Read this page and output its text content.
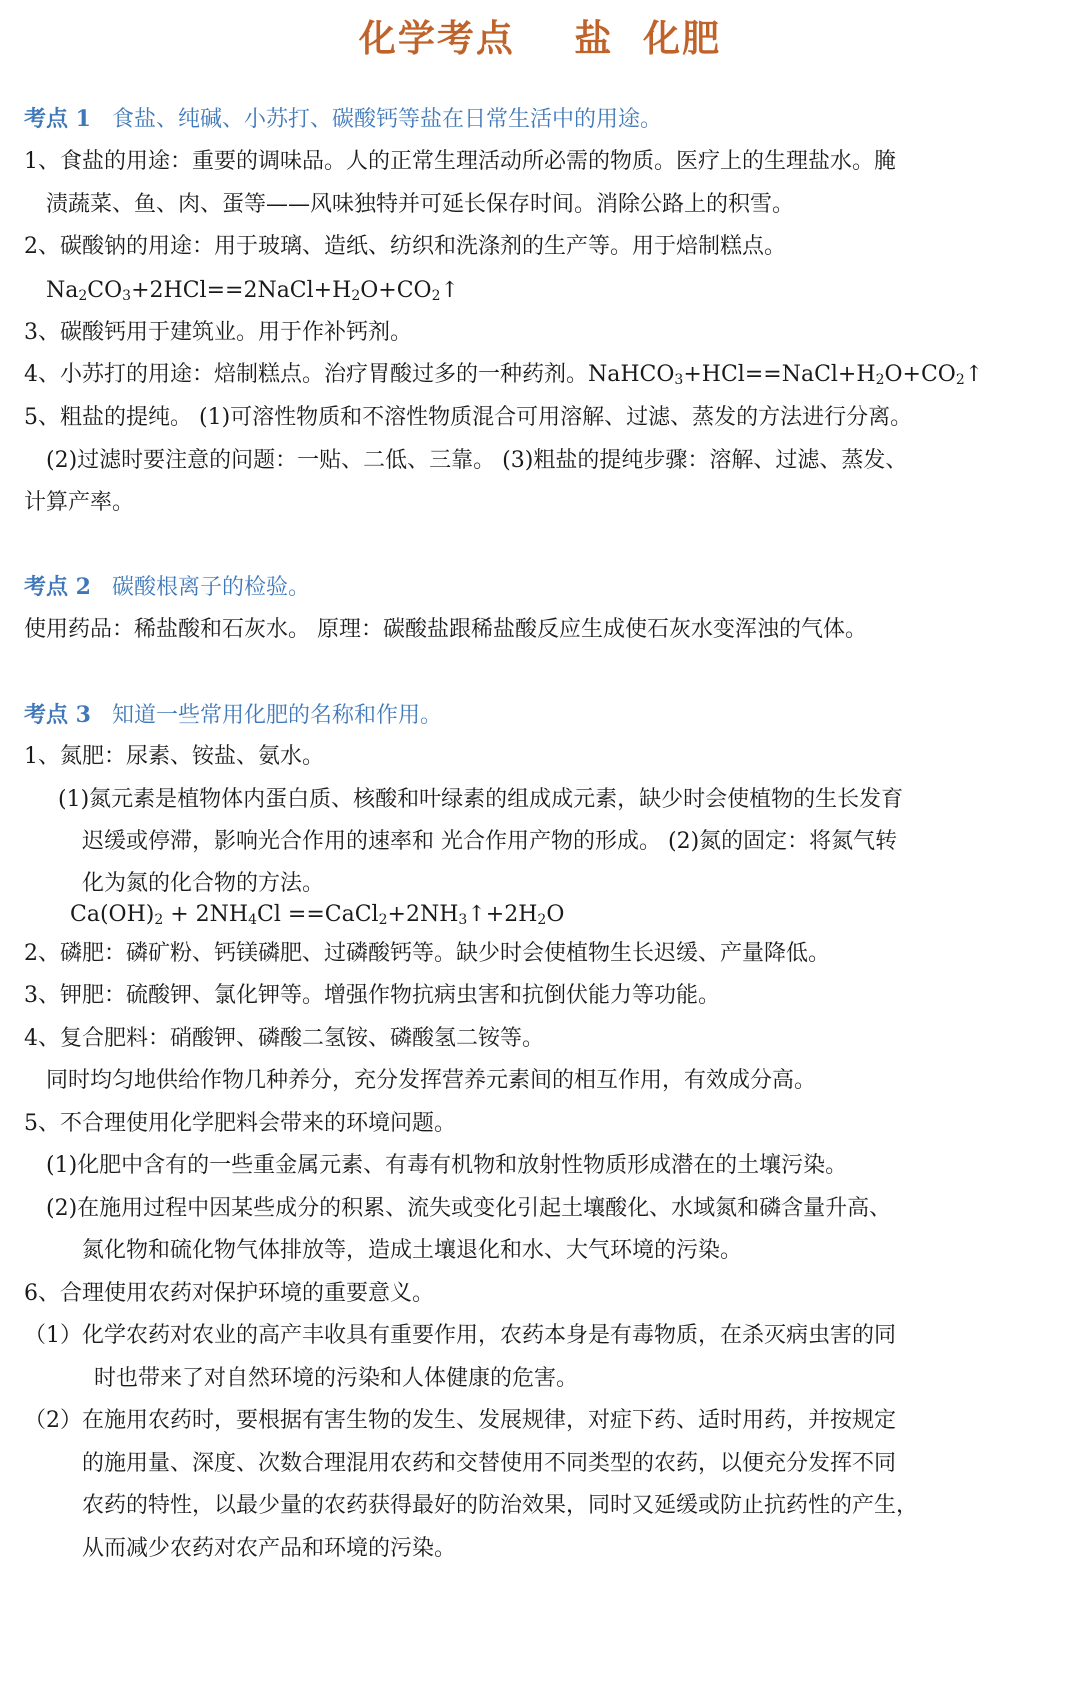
化学考点    盐  化肥
考点 1 食盐、纯碱、小苏打、碳酸钙等盐在日常生活中的用途。
1、食盐的用途：重要的调味品。人的正常生理活动所必需的物质。医疗上的生理盐水。腌
渍蔬菜、鱼、肉、蛋等——风味独特并可延长保存时间。消除公路上的积雪。
2、碳酸钠的用途：用于玻璃、造纸、纺织和洗涤剂的生产等。用于焙制糕点。
$Na_2CO_3+2HCl==2NaCl+H_2O+CO_2↑$
3、碳酸钙用于建筑业。用于作补钙剂。
4、小苏打的用途：焙制糕点。治疗胃酸过多的一种药剂。$NaHCO_3+HCl==NaCl+H_2O+CO_2↑$
5、粗盐的提纯。 (1)可溶性物质和不溶性物质混合可用溶解、过滤、蒸发的方法进行分离。
(2)过滤时要注意的问题：一贴、二低、三靠。 (3)粗盐的提纯步骤：溶解、过滤、蒸发、
计算产率。
考点 2 碳酸根离子的检验。
使用药品：稀盐酸和石灰水。 原理：碳酸盐跟稀盐酸反应生成使石灰水变浑浊的气体。
考点 3 知道一些常用化肥的名称和作用。
1、氮肥：尿素、铵盐、氨水。
(1)氮元素是植物体内蛋白质、核酸和叶绿素的组成成元素，缺少时会使植物的生长发育
迟缓或停滞，影响光合作用的速率和 光合作用产物的形成。 (2)氮的固定：将氮气转
化为氮的化合物的方法。
$Ca(OH)_2 + 2NH_4Cl$ $==CaCl_2+2NH_3↑+2H_2O$
2、磷肥：磷矿粉、钙镁磷肥、过磷酸钙等。缺少时会使植物生长迟缓、产量降低。
3、钾肥：硫酸钾、氯化钾等。增强作物抗病虫害和抗倒伏能力等功能。
4、复合肥料：硝酸钾、磷酸二氢铵、磷酸氢二铵等。
同时均匀地供给作物几种养分，充分发挥营养元素间的相互作用，有效成分高。
5、不合理使用化学肥料会带来的环境问题。
(1)化肥中含有的一些重金属元素、有毒有机物和放射性物质形成潜在的土壤污染。
(2)在施用过程中因某些成分的积累、流失或变化引起土壤酸化、水域氮和磷含量升高、
氮化物和硫化物气体排放等，造成土壤退化和水、大气环境的污染。
6、合理使用农药对保护环境的重要意义。
（1）化学农药对农业的高产丰收具有重要作用，农药本身是有毒物质，在杀灭病虫害的同
时也带来了对自然环境的污染和人体健康的危害。
（2）在施用农药时，要根据有害生物的发生、发展规律，对症下药、适时用药，并按规定
的施用量、深度、次数合理混用农药和交替使用不同类型的农药，以便充分发挥不同
农药的特性，以最少量的农药获得最好的防治效果，同时又延缓或防止抗药性的产生，
从而减少农药对农产品和环境的污染。
